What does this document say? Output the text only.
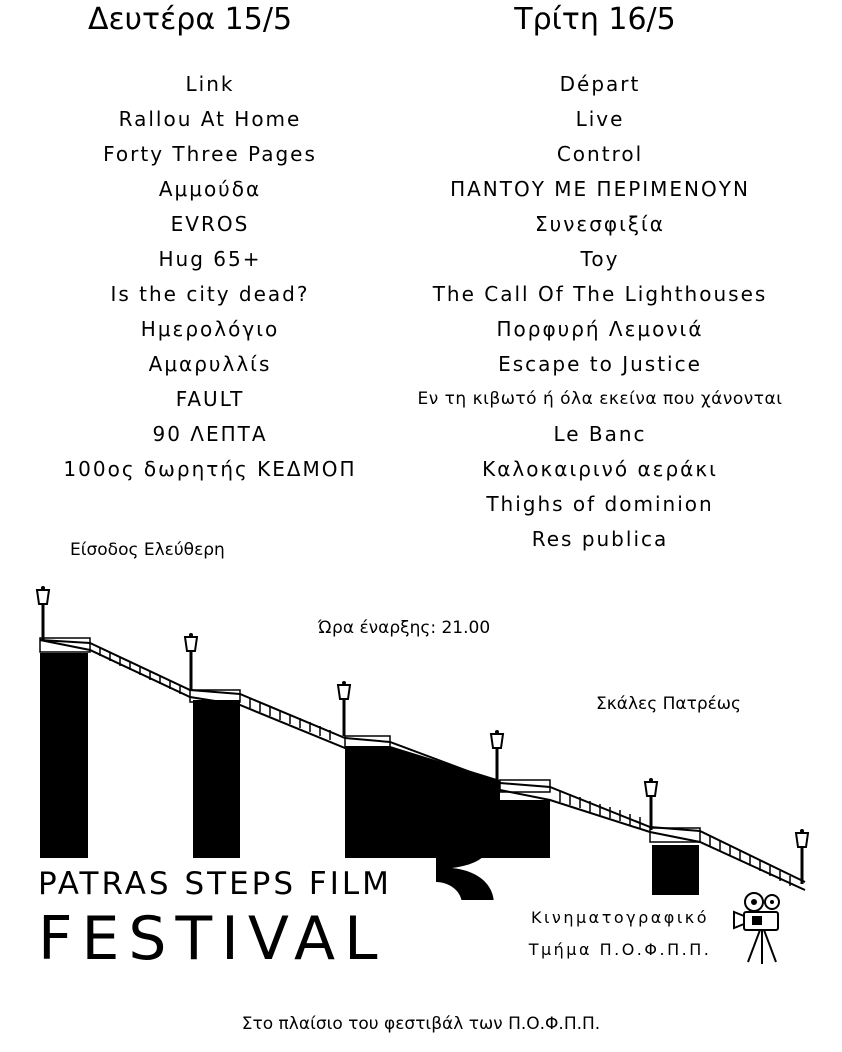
Δευτέρα 15/5	Τρίτη 16/5
Link
Rallou At Home
Forty Three Pages
Αμμούδα
EVROS
Hug 65+
Is the city dead?
Ημερολόγιο
Αμαρυλλίs
FAULT
90 ΛΕΠΤΑ
100ος δωρητής ΚΕΔΜΟΠ
Départ
Live
Control
ΠΑΝΤΟΥ ΜΕ ΠΕΡΙΜΕΝΟΥΝ
Συνεσφιξία
Toy
The Call Of The Lighthouses
Πορφυρή Λεμονιά
Escape to Justice
Εν τη κιβωτό ή όλα εκείνα που χάνονται
Le Banc
Καλοκαιρινό αεράκι
Thighs of dominion
Res publica
Είσοδος Ελεύθερη
Ώρα έναρξης: 21.00
Σκάλες Πατρέως
PATRAS STEPS FILM
FESTIVAL	Κινηματογραφικό
Τμήμα Π.Ο.Φ.Π.Π.
Στο πλαίσιο του φεστιβάλ των Π.Ο.Φ.Π.Π.
